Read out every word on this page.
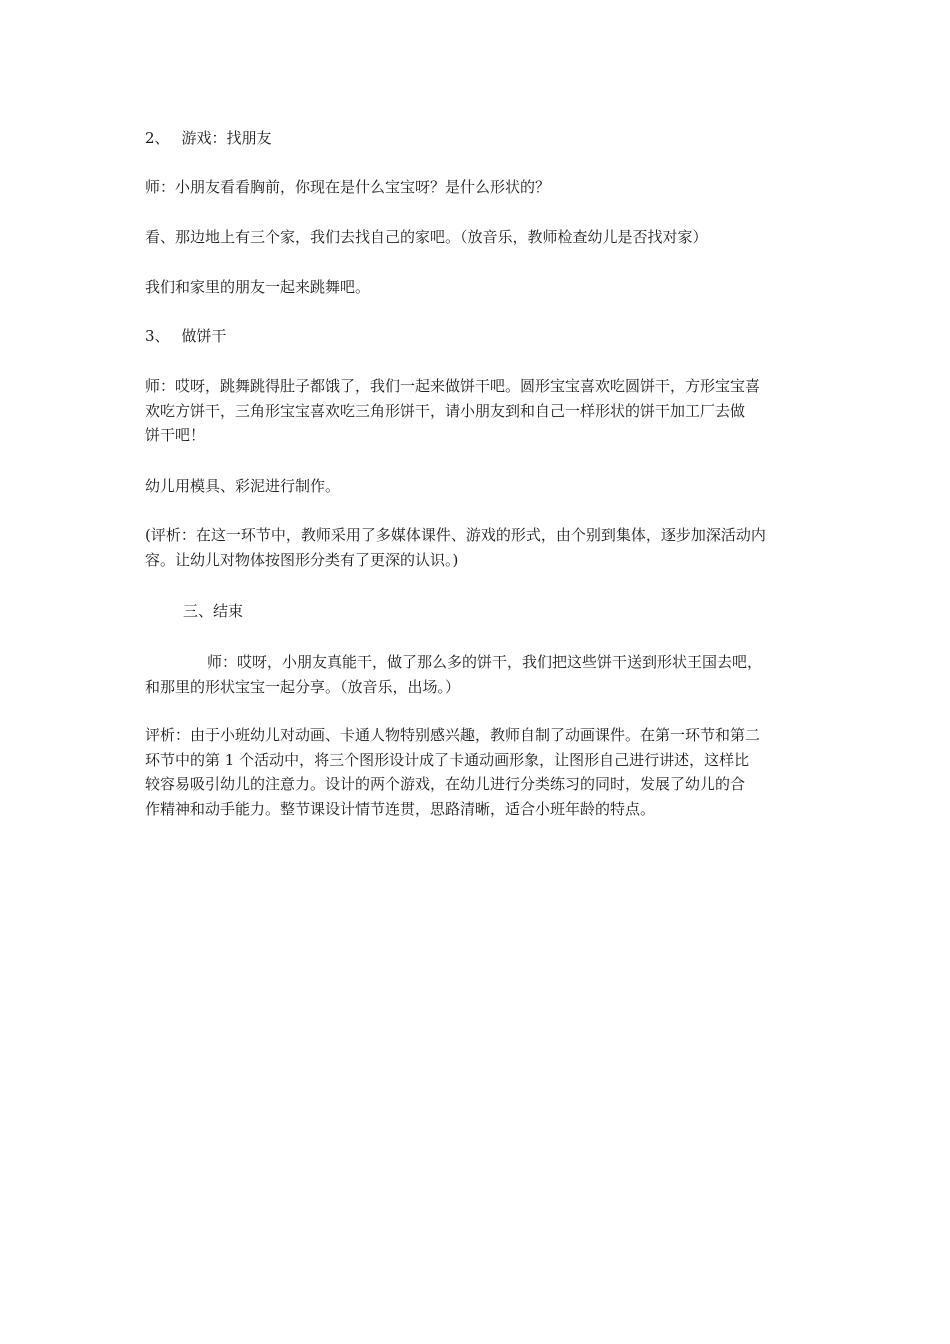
2、 游戏：找朋友
师：小朋友看看胸前，你现在是什么宝宝呀？是什么形状的？
看、那边地上有三个家，我们去找自己的家吧。（放音乐，教师检查幼儿是否找对家）
我们和家里的朋友一起来跳舞吧。
3、 做饼干
师：哎呀，跳舞跳得肚子都饿了，我们一起来做饼干吧。圆形宝宝喜欢吃圆饼干，方形宝宝喜
欢吃方饼干，三角形宝宝喜欢吃三角形饼干，请小朋友到和自己一样形状的饼干加工厂去做
饼干吧！
幼儿用模具、彩泥进行制作。
(评析：在这一环节中，教师采用了多媒体课件、游戏的形式，由个别到集体，逐步加深活动内
容。让幼儿对物体按图形分类有了更深的认识。)
三、结束
师：哎呀，小朋友真能干，做了那么多的饼干，我们把这些饼干送到形状王国去吧，
和那里的形状宝宝一起分享。（放音乐，出场。）
评析：由于小班幼儿对动画、卡通人物特别感兴趣，教师自制了动画课件。在第一环节和第二
环节中的第 1 个活动中，将三个图形设计成了卡通动画形象，让图形自己进行讲述，这样比
较容易吸引幼儿的注意力。设计的两个游戏，在幼儿进行分类练习的同时，发展了幼儿的合
作精神和动手能力。整节课设计情节连贯，思路清晰，适合小班年龄的特点。
